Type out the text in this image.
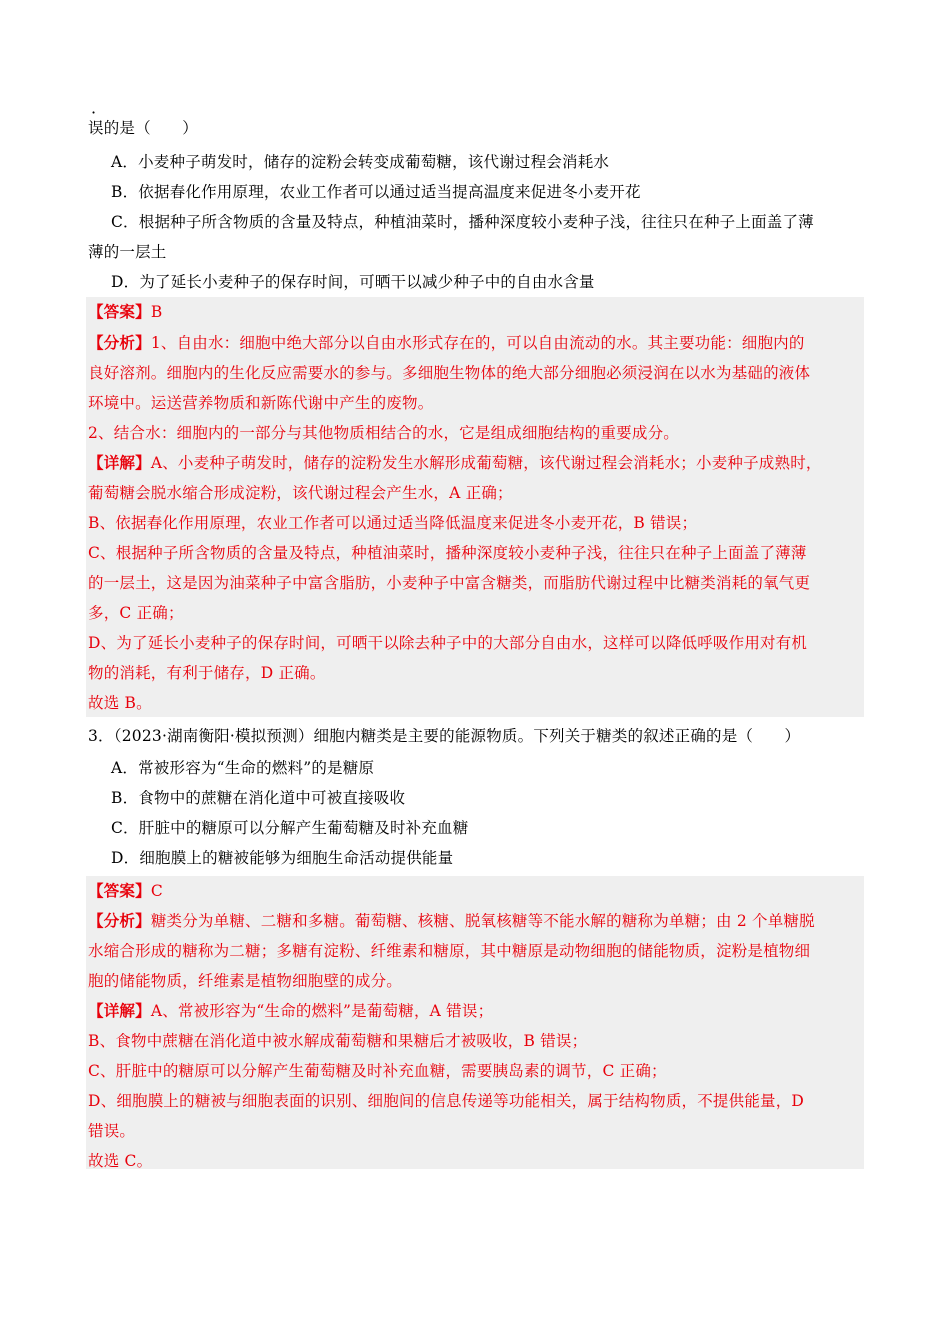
·
误的是（　　）
A．小麦种子萌发时，储存的淀粉会转变成葡萄糖，该代谢过程会消耗水
B．依据春化作用原理，农业工作者可以通过适当提高温度来促进冬小麦开花
C．根据种子所含物质的含量及特点，种植油菜时，播种深度较小麦种子浅，往往只在种子上面盖了薄
薄的一层土
D．为了延长小麦种子的保存时间，可晒干以减少种子中的自由水含量
【答案】B
【分析】1、自由水：细胞中绝大部分以自由水形式存在的，可以自由流动的水。其主要功能：细胞内的
良好溶剂。细胞内的生化反应需要水的参与。多细胞生物体的绝大部分细胞必须浸润在以水为基础的液体
环境中。运送营养物质和新陈代谢中产生的废物。
2、结合水：细胞内的一部分与其他物质相结合的水，它是组成细胞结构的重要成分。
【详解】A、小麦种子萌发时，储存的淀粉发生水解形成葡萄糖，该代谢过程会消耗水；小麦种子成熟时，
葡萄糖会脱水缩合形成淀粉，该代谢过程会产生水，A 正确；
B、依据春化作用原理，农业工作者可以通过适当降低温度来促进冬小麦开花，B 错误；
C、根据种子所含物质的含量及特点，种植油菜时，播种深度较小麦种子浅，往往只在种子上面盖了薄薄
的一层土，这是因为油菜种子中富含脂肪，小麦种子中富含糖类，而脂肪代谢过程中比糖类消耗的氧气更
多，C 正确；
D、为了延长小麦种子的保存时间，可晒干以除去种子中的大部分自由水，这样可以降低呼吸作用对有机
物的消耗，有利于储存，D 正确。
故选 B。
3．（2023·湖南衡阳·模拟预测）细胞内糖类是主要的能源物质。下列关于糖类的叙述正确的是（　　）
A．常被形容为“生命的燃料”的是糖原
B．食物中的蔗糖在消化道中可被直接吸收
C．肝脏中的糖原可以分解产生葡萄糖及时补充血糖
D．细胞膜上的糖被能够为细胞生命活动提供能量
【答案】C
【分析】糖类分为单糖、二糖和多糖。葡萄糖、核糖、脱氧核糖等不能水解的糖称为单糖；由 2 个单糖脱
水缩合形成的糖称为二糖；多糖有淀粉、纤维素和糖原，其中糖原是动物细胞的储能物质，淀粉是植物细
胞的储能物质，纤维素是植物细胞壁的成分。
【详解】A、常被形容为“生命的燃料”是葡萄糖，A 错误；
B、食物中蔗糖在消化道中被水解成葡萄糖和果糖后才被吸收，B 错误；
C、肝脏中的糖原可以分解产生葡萄糖及时补充血糖，需要胰岛素的调节，C 正确；
D、细胞膜上的糖被与细胞表面的识别、细胞间的信息传递等功能相关，属于结构物质，不提供能量，D
错误。
故选 C。
